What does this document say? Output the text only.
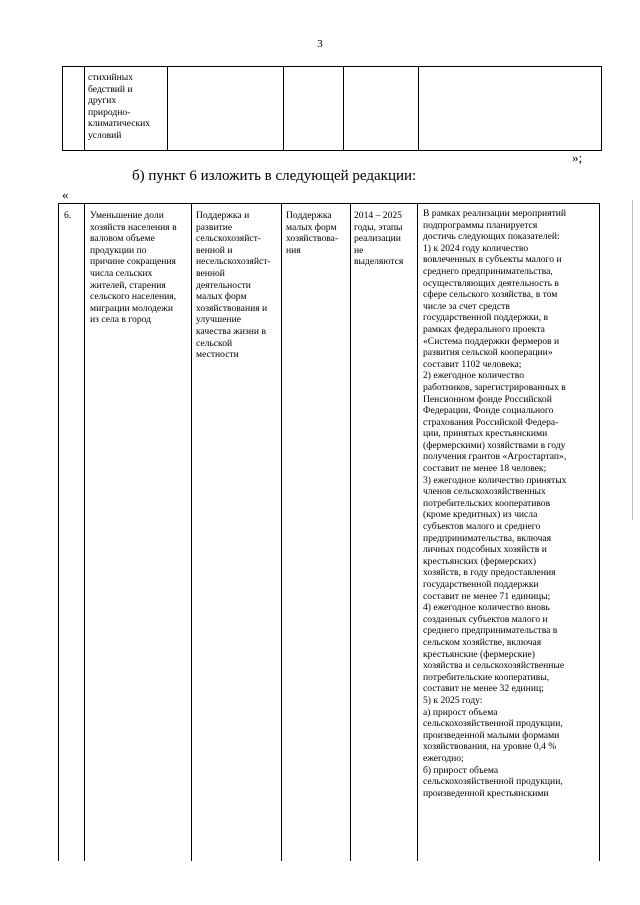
3
стихийных
бедствий и
других
природно-
климатических
условий
»;
б) пункт 6 изложить в следующей редакции:
«
6. Уменьшение доли
хозяйств населения в
валовом объеме
продукции по
причине сокращения
числа сельских
жителей, старения
сельского населения,
миграции молодежи
из села в город
Поддержка и
развитие
сельскохозяйст-
венной и
несельскохозяйст-
венной
деятельности
малых форм
хозяйствования и
улучшение
качества жизни в
сельской
местности
Поддержка
малых форм
хозяйствова-
ния
2014 – 2025
годы, этапы
реализации
не
выделяются
В рамках реализации мероприятий
подпрограммы планируется
достичь следующих показателей:
1) к 2024 году количество
вовлеченных в субъекты малого и
среднего предпринимательства,
осуществляющих деятельность в
сфере сельского хозяйства, в том
числе за счет средств
государственной поддержки, в
рамках федерального проекта
«Система поддержки фермеров и
развития сельской кооперации»
составит 1102 человека;
2) ежегодное количество
работников, зарегистрированных в
Пенсионном фонде Российской
Федерации, Фонде социального
страхования Российской Федера-
ции, принятых крестьянскими
(фермерскими) хозяйствами в году
получения грантов «Агростартап»,
составит не менее 18 человек;
3) ежегодное количество принятых
членов сельскохозяйственных
потребительских кооперативов
(кроме кредитных) из числа
субъектов малого и среднего
предпринимательства, включая
личных подсобных хозяйств и
крестьянских (фермерских)
хозяйств, в году предоставления
государственной поддержки
составит не менее 71 единицы;
4) ежегодное количество вновь
созданных субъектов малого и
среднего предпринимательства в
сельском хозяйстве, включая
крестьянские (фермерские)
хозяйства и сельскохозяйственные
потребительские кооперативы,
составит не менее 32 единиц;
5) к 2025 году:
а) прирост объема
сельскохозяйственной продукции,
произведенной малыми формами
хозяйствования, на уровне 0,4 %
ежегодно;
б) прирост объема
сельскохозяйственной продукции,
произведенной крестьянскими
